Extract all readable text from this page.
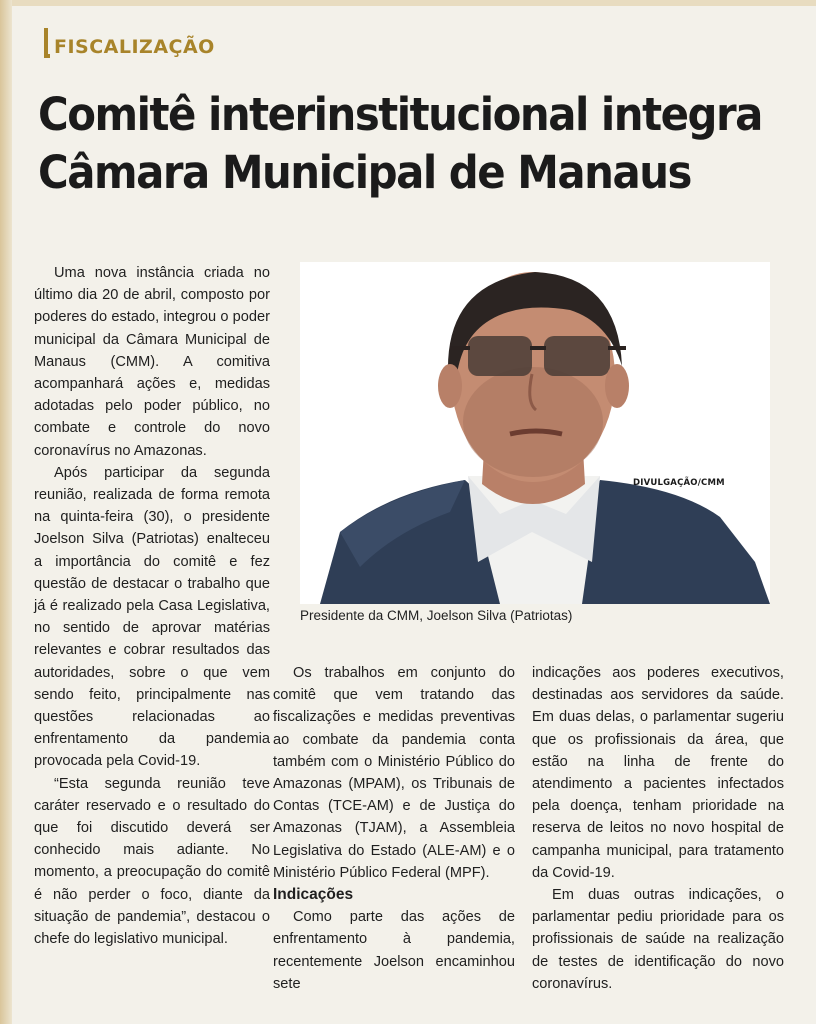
FISCALIZAÇÃO
Comitê interinstitucional integra
Câmara Municipal de Manaus

Uma nova instância criada no último dia 20 de abril, composto por poderes do estado, integrou o poder municipal da Câmara Municipal de Manaus (CMM). A comitiva acompanhará ações e, medidas adotadas pelo poder público, no combate e controle do novo coronavírus no Amazonas.

Após participar da segunda reunião, realizada de forma remota na quinta-feira (30), o presidente Joelson Silva (Patriotas) enalteceu a importância do comitê e fez questão de destacar o trabalho que já é realizado pela Casa Legislativa, no sentido de aprovar matérias relevantes e cobrar resultados das autoridades, sobre o que vem sendo feito, principalmente nas questões relacionadas ao enfrentamento da pandemia provocada pela Covid-19.

“Esta segunda reunião teve caráter reservado e o resultado do que foi discutido deverá ser conhecido mais adiante. No momento, a preocupação do comitê é não perder o foco, diante da situação de pandemia”, destacou o chefe do legislativo municipal.

DIVULGAÇÃO/CMM
Presidente da CMM, Joelson Silva (Patriotas)

Os trabalhos em conjunto do comitê que vem tratando das fiscalizações e medidas preventivas ao combate da pandemia conta também com o Ministério Público do Amazonas (MPAM), os Tribunais de Contas (TCE-AM) e de Justiça do Amazonas (TJAM), a Assembleia Legislativa do Estado (ALE-AM) e o Ministério Público Federal (MPF).

Indicações

Como parte das ações de enfrentamento à pandemia, recentemente Joelson encaminhou sete

indicações aos poderes executivos, destinadas aos servidores da saúde. Em duas delas, o parlamentar sugeriu que os profissionais da área, que estão na linha de frente do atendimento a pacientes infectados pela doença, tenham prioridade na reserva de leitos no novo hospital de campanha municipal, para tratamento da Covid-19.

Em duas outras indicações, o parlamentar pediu prioridade para os profissionais de saúde na realização de testes de identificação do novo coronavírus.
